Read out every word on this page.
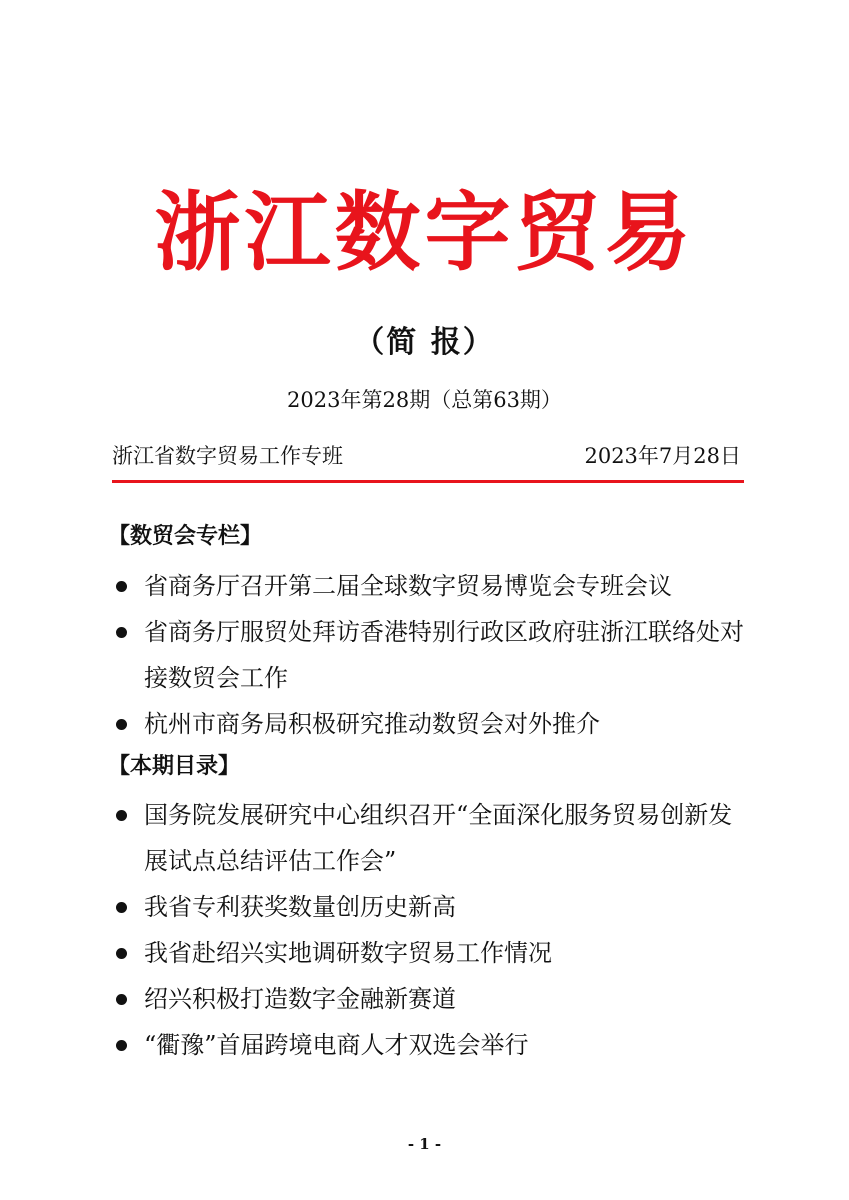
浙江数字贸易
（简 报）
2023年第28期（总第63期）
浙江省数字贸易工作专班	2023年7月28日
【数贸会专栏】
省商务厅召开第二届全球数字贸易博览会专班会议
省商务厅服贸处拜访香港特别行政区政府驻浙江联络处对接数贸会工作
杭州市商务局积极研究推动数贸会对外推介
【本期目录】
国务院发展研究中心组织召开“全面深化服务贸易创新发展试点总结评估工作会”
我省专利获奖数量创历史新高
我省赴绍兴实地调研数字贸易工作情况
绍兴积极打造数字金融新赛道
“衢豫”首届跨境电商人才双选会举行
- 1 -
